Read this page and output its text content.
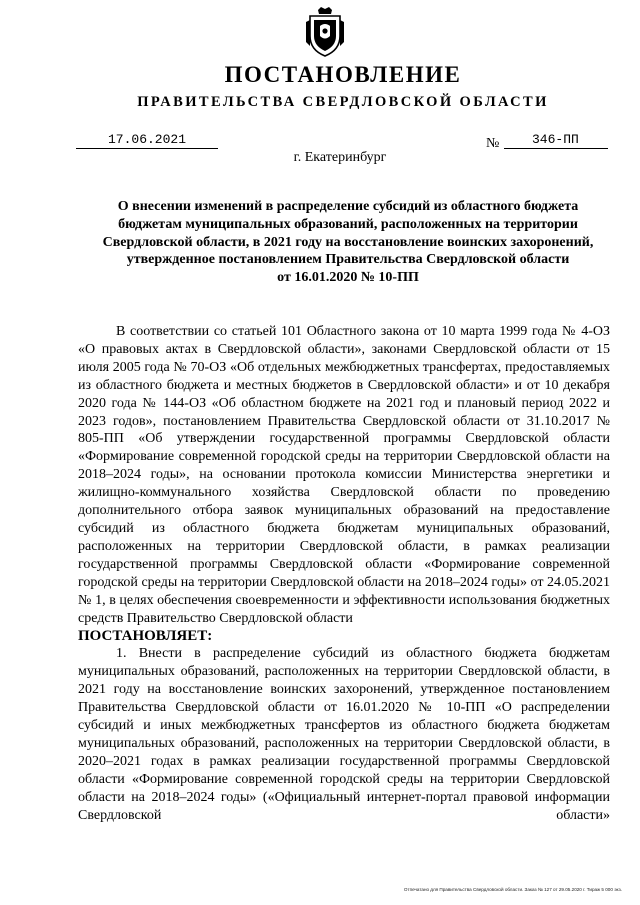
ПОСТАНОВЛЕНИЕ
ПРАВИТЕЛЬСТВА СВЕРДЛОВСКОЙ ОБЛАСТИ
17.06.2021	№	346-ПП
г. Екатеринбург
О внесении изменений в распределение субсидий из областного бюджета
бюджетам муниципальных образований, расположенных на территории
Свердловской области, в 2021 году на восстановление воинских захоронений,
утвержденное постановлением Правительства Свердловской области
от 16.01.2020 № 10-ПП

В соответствии со статьей 101 Областного закона от 10 марта 1999 года № 4-ОЗ «О правовых актах в Свердловской области», законами Свердловской области от 15 июля 2005 года № 70-ОЗ «Об отдельных межбюджетных трансфертах, предоставляемых из областного бюджета и местных бюджетов в Свердловской области» и от 10 декабря 2020 года № 144-ОЗ «Об областном бюджете на 2021 год и плановый период 2022 и 2023 годов», постановлением Правительства Свердловской области от 31.10.2017 № 805-ПП «Об утверждении государственной программы Свердловской области «Формирование современной городской среды на территории Свердловской области на 2018–2024 годы», на основании протокола комиссии Министерства энергетики и жилищно-коммунального хозяйства Свердловской области по проведению дополнительного отбора заявок муниципальных образований на предоставление субсидий из областного бюджета бюджетам муниципальных образований, расположенных на территории Свердловской области, в рамках реализации государственной программы Свердловской области «Формирование современной городской среды на территории Свердловской области на 2018–2024 годы» от 24.05.2021 № 1, в целях обеспечения своевременности и эффективности использования бюджетных средств Правительство Свердловской области

ПОСТАНОВЛЯЕТ:

1. Внести в распределение субсидий из областного бюджета бюджетам муниципальных образований, расположенных на территории Свердловской области, в 2021 году на восстановление воинских захоронений, утвержденное постановлением Правительства Свердловской области от 16.01.2020 № 10-ПП «О распределении субсидий и иных межбюджетных трансфертов из областного бюджета бюджетам муниципальных образований, расположенных на территории Свердловской области, в 2020–2021 годах в рамках реализации государственной программы Свердловской области «Формирование современной городской среды на территории Свердловской области на 2018–2024 годы» («Официальный интернет-портал правовой информации Свердловской области»

Отпечатано для Правительства Свердловской области. Заказ № 127 от 29.05.2020 г. Тираж 5 000 экз.
